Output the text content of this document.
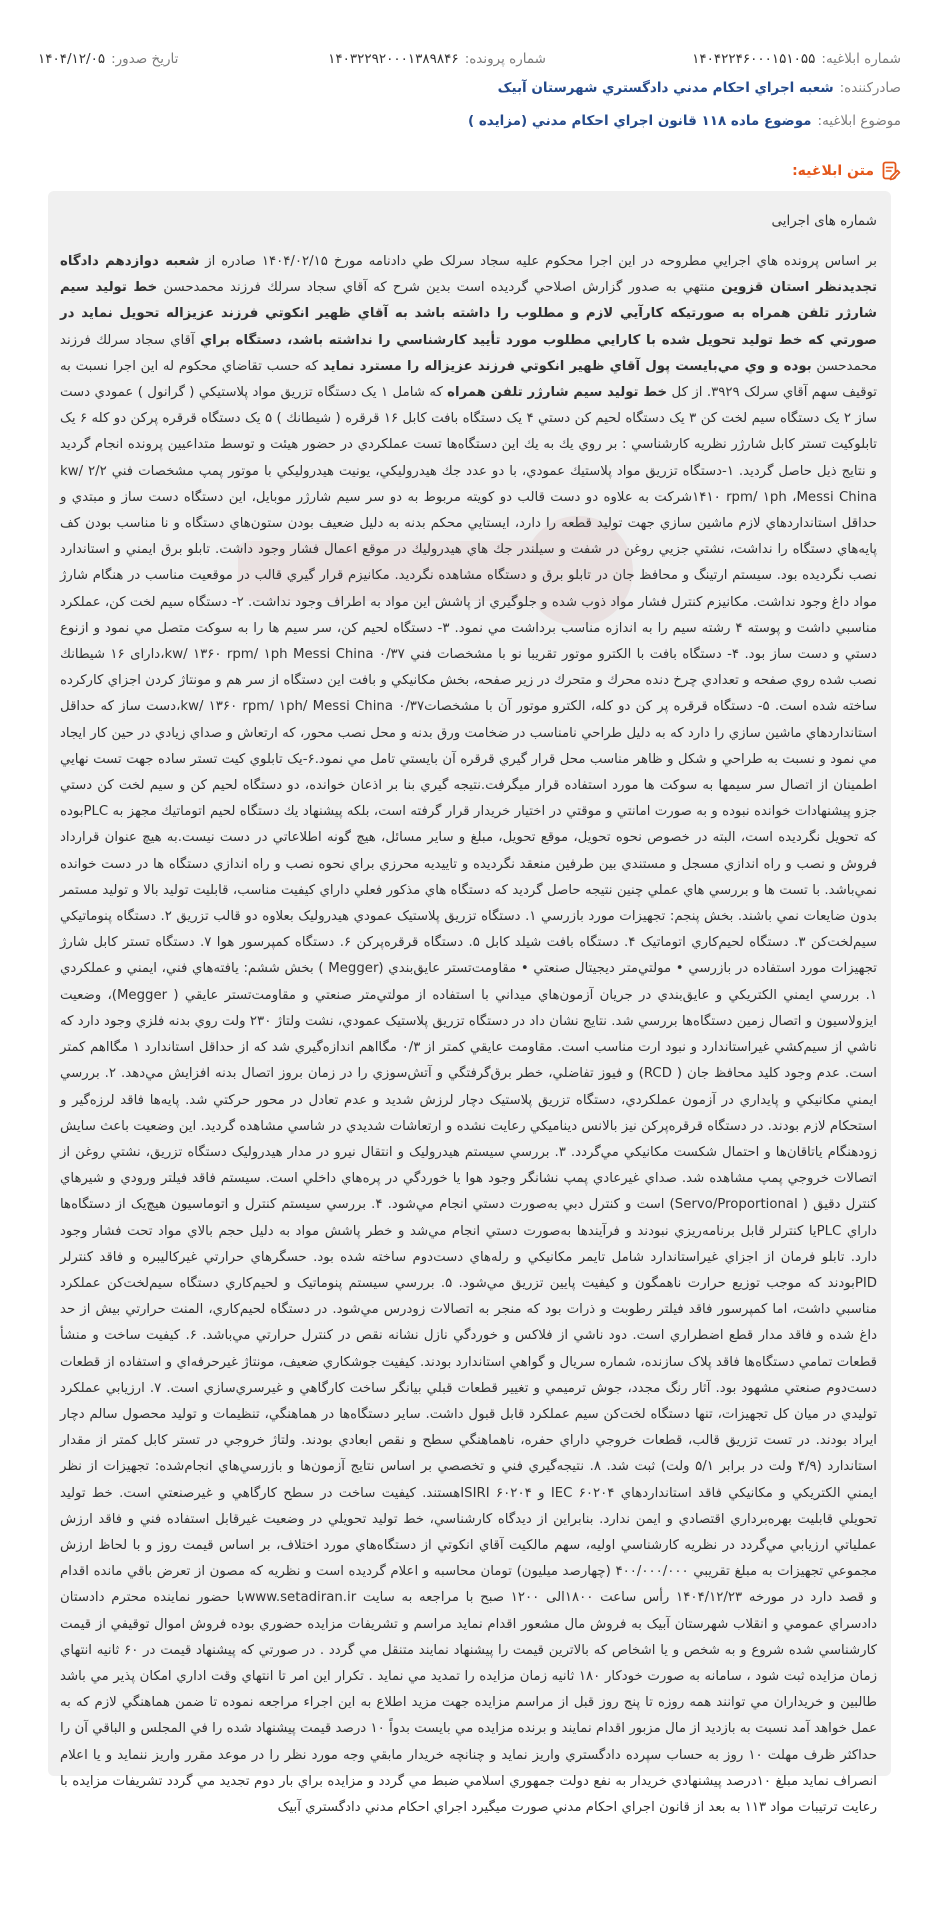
شماره ابلاغیه:
۱۴۰۴۲۲۴۶۰۰۰۱۵۱۰۵۵
شماره پرونده:
۱۴۰۳۲۲۹۲۰۰۰۱۳۸۹۸۴۶
تاریخ صدور:
۱۴۰۴/۱۲/۰۵
صادرکننده:
شعبه اجراي احكام مدني دادگستري شهرستان آبيک
موضوع ابلاغیه:
موضوع ماده ۱۱۸ قانون اجراي احكام مدني (مزايده )
متن ابلاغیه:
شماره های اجرایی
بر اساس پرونده هاي اجرايي مطروحه در اين اجرا محكوم عليه سجاد سرلک طي دادنامه مورخ ۱۴۰۴/۰۲/۱۵ صادره از شعبه دوازدهم دادگاه تجديدنظر استان قزوين منتهي به صدور گزارش اصلاحي گرديده است بدين شرح كه آقاي سجاد سرلك فرزند محمدحسن خط توليد سيم شارژر تلفن همراه به صورتيكه كارآيي لازم و مطلوب را داشته باشد به آقاي ظهير انكوتي فرزند عزيزاله تحويل نمايد در صورتي كه خط توليد تحويل شده با كارايي مطلوب مورد تأييد كارشناسي را نداشته باشد، دستگاه براي آقاي سجاد سرلك فرزند محمدحسن بوده و وي مي‌بايست پول آقاي ظهير انكوتي فرزند عزيزاله را مسترد نمايد كه حسب تقاضاي محكوم له اين اجرا نسبت به توقيف سهم آقاي سرلک ۳۹۲۹. از كل خط توليد سيم شارژر تلفن همراه كه شامل ۱ يک دستگاه تزريق مواد پلاستيكي ( گرانول ) عمودي دست ساز ۲ يک دستگاه سيم لخت كن ۳ يک دستگاه لحيم كن دستي ۴ يک دستگاه بافت كابل ۱۶ قرقره ( شيطانك ) ۵ يک دستگاه قرقره پركن دو كله ۶ يک تابلوكيت تستر كابل شارژر نظريه كارشناسي : بر روي يك به يك اين دستگاه‌ها تست عملكردي در حضور هيئت و توسط متداعيين پرونده انجام گرديد و نتايج ذيل حاصل گرديد. ۱-دستگاه تزريق مواد پلاستيك عمودي، با دو عدد جك هيدروليكي، يونيت هيدروليكي با موتور پمپ مشخصات فني ۲/۲ kw/ ۱۴۱۰ rpm/ ۱ph ،Messi Chinaشركت به علاوه دو دست قالب دو كويته مربوط به دو سر سيم شارژر موبايل، اين دستگاه دست ساز و مبتدي و حداقل استانداردهاي لازم ماشين سازي جهت توليد قطعه را دارد، ايستايي محكم بدنه به دليل ضعيف بودن ستون‌هاي دستگاه و نا مناسب بودن كف پايه‌هاي دستگاه را نداشت، نشتي جزيي روغن در شفت و سيلندر جك هاي هيدروليك در موقع اعمال فشار وجود داشت. تابلو برق ايمني و استاندارد نصب نگرديده بود. سيستم ارتينگ و محافظ جان در تابلو برق و دستگاه مشاهده نگرديد. مكانيزم قرار گيري قالب در موقعيت مناسب در هنگام شارژ مواد داغ وجود نداشت. مكانيزم كنترل فشار مواد ذوب شده و جلوگيري از پاشش اين مواد به اطراف وجود نداشت. ۲- دستگاه سيم لخت كن، عملكرد مناسبي داشت و پوسته ۴ رشته سيم را به اندازه مناسب برداشت مي نمود. ۳- دستگاه لحيم كن، سر سيم ها را به سوكت متصل مي نمود و ازنوع دستي و دست ساز بود. ۴- دستگاه بافت با الكترو موتور تقريبا نو با مشخصات فني ۰/۳۷ kw/ ۱۳۶۰ rpm/ ۱ph Messi China،دارای ۱۶ شيطانك نصب شده روي صفحه و تعدادي چرخ دنده محرك و متحرك در زير صفحه، بخش مكانيكي و بافت اين دستگاه از سر هم و مونتاژ كردن اجزاي كاركرده ساخته شده است. ۵- دستگاه قرقره پر كن دو كله، الكترو موتور آن با مشخصات۰/۳۷ kw/ ۱۳۶۰ rpm/ ۱ph/ Messi China،دست ساز كه حداقل استانداردهاي ماشين سازي را دارد كه به دليل طراحي نامناسب در ضخامت ورق بدنه و محل نصب محور، كه ارتعاش و صداي زيادي در حين كار ايجاد مي نمود و نسبت به طراحي و شكل و ظاهر مناسب محل قرار گيري قرقره آن بايستي تامل مي نمود.۶-يک تابلوي كيت تستر ساده جهت تست نهايي اطمينان از اتصال سر سيمها به سوكت ها مورد استفاده قرار ميگرفت.نتيجه گيري بنا بر اذعان خوانده، دو دستگاه لحيم كن و سيم لخت كن دستي جزو پيشنهادات خوانده نبوده و به صورت امانتي و موقتي در اختيار خريدار قرار گرفته است، بلكه پيشنهاد يك دستگاه لحيم اتوماتيك مجهز به PLCبوده كه تحويل نگرديده است، البته در خصوص نحوه تحويل، موقع تحويل، مبلغ و ساير مسائل، هيچ گونه اطلاعاتي در دست نيست.به هيچ عنوان قرارداد فروش و نصب و راه اندازي مسجل و مستندي بين طرفين منعقد نگرديده و تاييديه محرزي براي نحوه نصب و راه اندازي دستگاه ها در دست خوانده نمي‌باشد. با تست ها و بررسي هاي عملي چنين نتيجه حاصل گرديد كه دستگاه هاي مذكور فعلي داراي كيفيت مناسب، قابليت توليد بالا و توليد مستمر بدون ضايعات نمي باشند. بخش پنجم: تجهيزات مورد بازرسي ۱. دستگاه تزريق پلاستيک عمودي هيدروليک بعلاوه دو قالب تزريق ۲. دستگاه پنوماتيکي سيم‌لخت‌کن ۳. دستگاه لحيم‌کاري اتوماتيک ۴. دستگاه بافت شيلد کابل ۵. دستگاه قرقره‌پرکن ۶. دستگاه کمپرسور هوا ۷. دستگاه تستر کابل شارژ تجهيزات مورد استفاده در بازرسي • مولتي‌متر ديجيتال صنعتي • مقاومت‌تستر عايق‌بندي (Megger ) بخش ششم: يافته‌هاي فني، ايمني و عملکردي ۱. بررسي ايمني الکتريکي و عايق‌بندي در جريان آزمون‌هاي ميداني با استفاده از مولتي‌متر صنعتي و مقاومت‌تستر عايقي ( Megger)، وضعيت ايزولاسيون و اتصال زمين دستگاه‌ها بررسي شد. نتايج نشان داد در دستگاه تزريق پلاستيک عمودي، نشت ولتاژ ۲۳۰ ولت روي بدنه فلزي وجود دارد که ناشي از سيم‌کشي غيراستاندارد و نبود ارت مناسب است. مقاومت عايقي کمتر از ۰/۳ مگااهم اندازه‌گيري شد که از حداقل استاندارد ۱ مگااهم کمتر است. عدم وجود کليد محافظ جان ( RCD) و فيوز تفاضلي، خطر برق‌گرفتگي و آتش‌سوزي را در زمان بروز اتصال بدنه افزايش مي‌دهد. ۲. بررسي ايمني مکانيکي و پايداري در آزمون عملکردي، دستگاه تزريق پلاستيک دچار لرزش شديد و عدم تعادل در محور حرکتي شد. پايه‌ها فاقد لرزه‌گير و استحکام لازم بودند. در دستگاه قرقره‌پرکن نيز بالانس ديناميکي رعايت نشده و ارتعاشات شديدي در شاسي مشاهده گرديد. اين وضعيت باعث سايش زودهنگام ياتاقان‌ها و احتمال شکست مکانيکي مي‌گردد. ۳. بررسي سيستم هيدروليک و انتقال نيرو در مدار هيدروليک دستگاه تزريق، نشتي روغن از اتصالات خروجي پمپ مشاهده شد. صداي غيرعادي پمپ نشانگر وجود هوا يا خوردگي در پره‌هاي داخلي است. سيستم فاقد فيلتر ورودي و شيرهاي کنترل دقيق ( Servo/Proportional) است و کنترل دبي به‌صورت دستي انجام مي‌شود. ۴. بررسي سيستم کنترل و اتوماسيون هيچ‌يک از دستگاه‌ها داراي PLCيا کنترلر قابل برنامه‌ريزي نبودند و فرآيندها به‌صورت دستي انجام مي‌شد و خطر پاشش مواد به دليل حجم بالاي مواد تحت فشار وجود دارد. تابلو فرمان از اجزاي غيراستاندارد شامل تايمر مکانيکي و رله‌هاي دست‌دوم ساخته شده بود. حسگرهاي حرارتي غيرکاليبره و فاقد کنترلر PIDبودند که موجب توزيع حرارت ناهمگون و کيفيت پايين تزريق مي‌شود. ۵. بررسي سيستم پنوماتيک و لحيم‌کاري دستگاه سيم‌لخت‌کن عملکرد مناسبي داشت، اما کمپرسور فاقد فيلتر رطوبت و ذرات بود که منجر به اتصالات زودرس مي‌شود. در دستگاه لحيم‌کاري، المنت حرارتي بيش از حد داغ شده و فاقد مدار قطع اضطراري است. دود ناشي از فلاکس و خوردگي نازل نشانه نقص در کنترل حرارتي مي‌باشد. ۶. کيفيت ساخت و منشأ قطعات تمامي دستگاه‌ها فاقد پلاک سازنده، شماره سريال و گواهي استاندارد بودند. کيفيت جوشکاري ضعيف، مونتاژ غيرحرفه‌اي و استفاده از قطعات دست‌دوم صنعتي مشهود بود. آثار رنگ مجدد، جوش ترميمي و تغيير قطعات قبلي بيانگر ساخت کارگاهي و غيرسري‌سازي است. ۷. ارزيابي عملکرد توليدي در ميان کل تجهيزات، تنها دستگاه لخت‌کن سيم عملکرد قابل قبول داشت. ساير دستگاه‌ها در هماهنگي، تنظيمات و توليد محصول سالم دچار ايراد بودند. در تست تزريق قالب، قطعات خروجي داراي حفره، ناهماهنگي سطح و نقص ابعادي بودند. ولتاژ خروجي در تستر کابل کمتر از مقدار استاندارد (۴/۹ ولت در برابر ۵/۱ ولت) ثبت شد. ۸. نتيجه‌گيري فني و تخصصي بر اساس نتايج آزمون‌ها و بازرسي‌هاي انجام‌شده: تجهيزات از نظر ايمني الکتريکي و مکانيکي فاقد استانداردهاي IEC ۶۰۲۰۴ و ISIRI ۶۰۲۰۴هستند. کيفيت ساخت در سطح کارگاهي و غيرصنعتي است. خط توليد تحويلي قابليت بهره‌برداري اقتصادي و ايمن ندارد. بنابراين از ديدگاه کارشناسي، خط توليد تحويلي در وضعيت غيرقابل استفاده فني و فاقد ارزش عملياتي ارزيابي مي‌گردد در نظريه كارشناسي اوليه، سهم مالكيت آقاي انكوتي از دستگاه‌هاي مورد اختلاف، بر اساس قيمت روز و با لحاظ ارزش مجموعي تجهيزات به مبلغ تقريبي ۴۰۰/۰۰۰/۰۰۰ (چهارصد ميليون) تومان محاسبه و اعلام گرديده است و نظريه كه مصون از تعرض باقي مانده اقدام و قصد دارد در مورخه ۱۴۰۴/۱۲/۲۳ رأس ساعت ۱۸۰۰الی ۱۲۰۰ صبح با مراجعه به سايت www.setadiran.irبا حضور نماينده محترم دادستان دادسراي عمومي و انقلاب شهرستان آبيک به فروش مال مشعور اقدام نمايد مراسم و تشريفات مزايده حضوري بوده فروش اموال توقيفي از قيمت كارشناسي شده شروع و به شخص و يا اشخاص كه بالاترين قيمت را پيشنهاد نمايند متنقل مي گردد . در صورتي كه پيشنهاد قيمت در ۶۰ ثانيه انتهاي زمان مزايده ثبت شود ، سامانه به صورت خودكار ۱۸۰ ثانيه زمان مزايده را تمديد مي نمايد . تكرار اين امر تا انتهاي وقت اداري امكان پذير مي باشد طالبين و خريداران مي توانند همه روزه تا پنج روز قبل از مراسم مزايده جهت مزيد اطلاع به اين اجراء مراجعه نموده تا ضمن هماهنگي لازم كه به عمل خواهد آمد نسبت به بازديد از مال مزبور اقدام نمايند و برنده مزايده مي بايست بدواً ۱۰ درصد قيمت پيشنهاد شده را في المجلس و الباقي آن را حداكثر ظرف مهلت ۱۰ روز به حساب سپرده دادگستري واريز نمايد و چنانچه خريدار مابقي وجه مورد نظر را در موعد مقرر واريز ننمايد و يا اعلام انصراف نمايد مبلغ ۱۰درصد پيشنهادي خريدار به نفع دولت جمهوري اسلامي ضبط مي گردد و مزايده براي بار دوم تجديد مي گردد تشريفات مزايده با رعايت ترتيبات مواد ۱۱۳ به بعد از قانون اجراي احكام مدني صورت ميگيرد اجراي احكام مدني دادگستري آبيک
